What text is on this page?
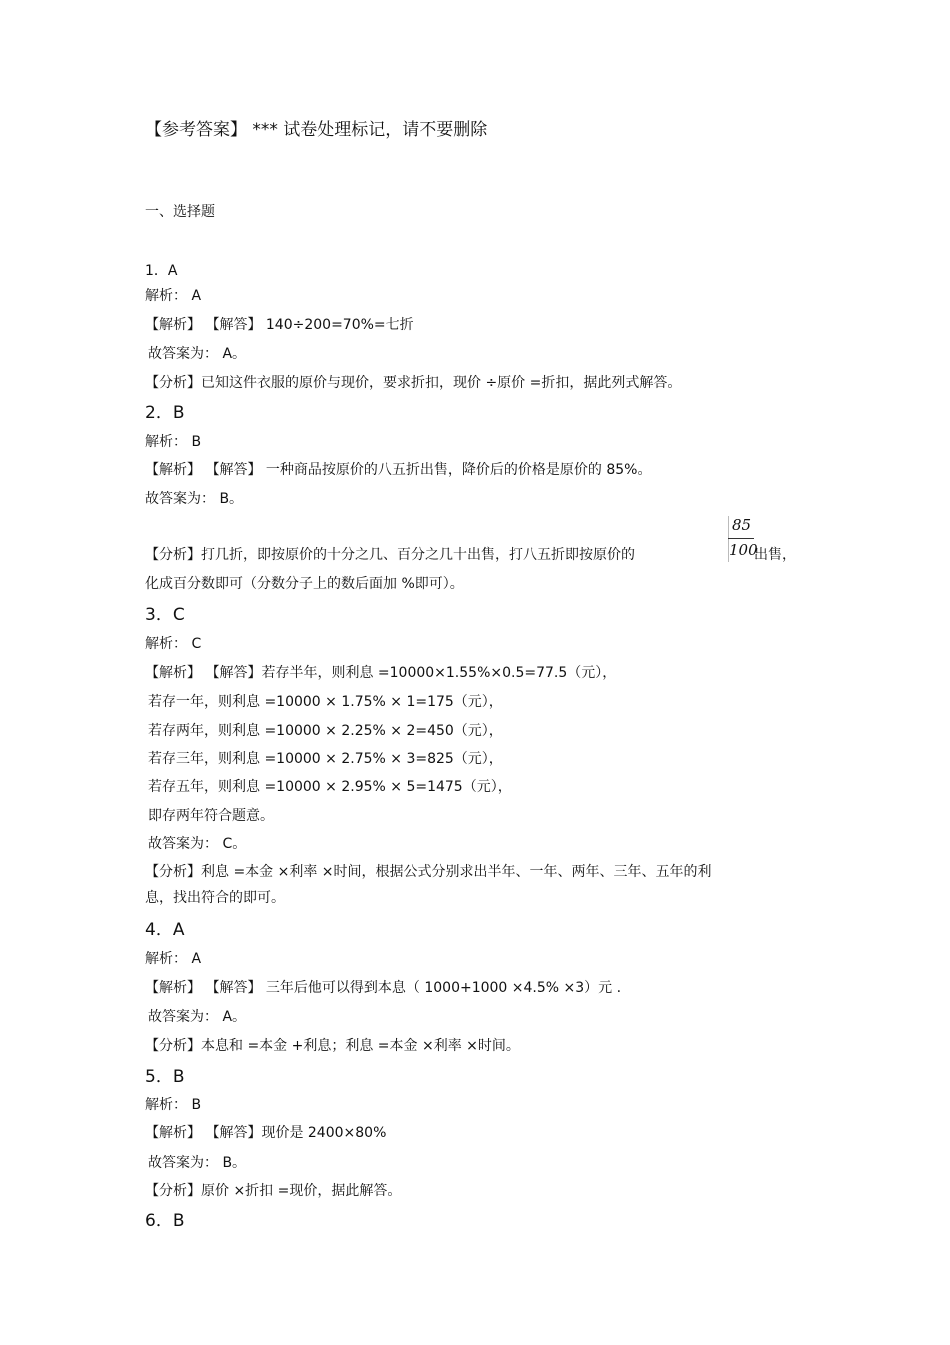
【参考答案】 *** 试卷处理标记，请不要删除
一、选择题
1．A
解析： A
【解析】 【解答】 140÷200=70%=七折
故答案为： A。
【分析】已知这件衣服的原价与现价，要求折扣，现价 ÷原价 =折扣，据此列式解答。
2．B
解析： B
【解析】 【解答】 一种商品按原价的八五折出售，降价后的价格是原价的 85%。
故答案为： B。
【分析】打几折，即按原价的十分之几、百分之几十出售，打八五折即按原价的
85
100
出售，
化成百分数即可（分数分子上的数后面加 %即可）。
3．C
解析： C
【解析】 【解答】若存半年，则利息 =10000×1.55%×0.5=77.5（元），
若存一年，则利息 =10000 × 1.75% × 1=175（元），
若存两年，则利息 =10000 × 2.25% × 2=450（元），
若存三年，则利息 =10000 × 2.75% × 3=825（元），
若存五年，则利息 =10000 × 2.95% × 5=1475（元），
即存两年符合题意。
故答案为： C。
【分析】利息 =本金 ×利率 ×时间，根据公式分别求出半年、一年、两年、三年、五年的利
息，找出符合的即可。
4．A
解析： A
【解析】 【解答】 三年后他可以得到本息（ 1000+1000 ×4.5% ×3）元 .
故答案为： A。
【分析】本息和 =本金 +利息；利息 =本金 ×利率 ×时间。
5．B
解析： B
【解析】 【解答】现价是 2400×80%
故答案为： B。
【分析】原价 ×折扣 =现价，据此解答。
6．B
